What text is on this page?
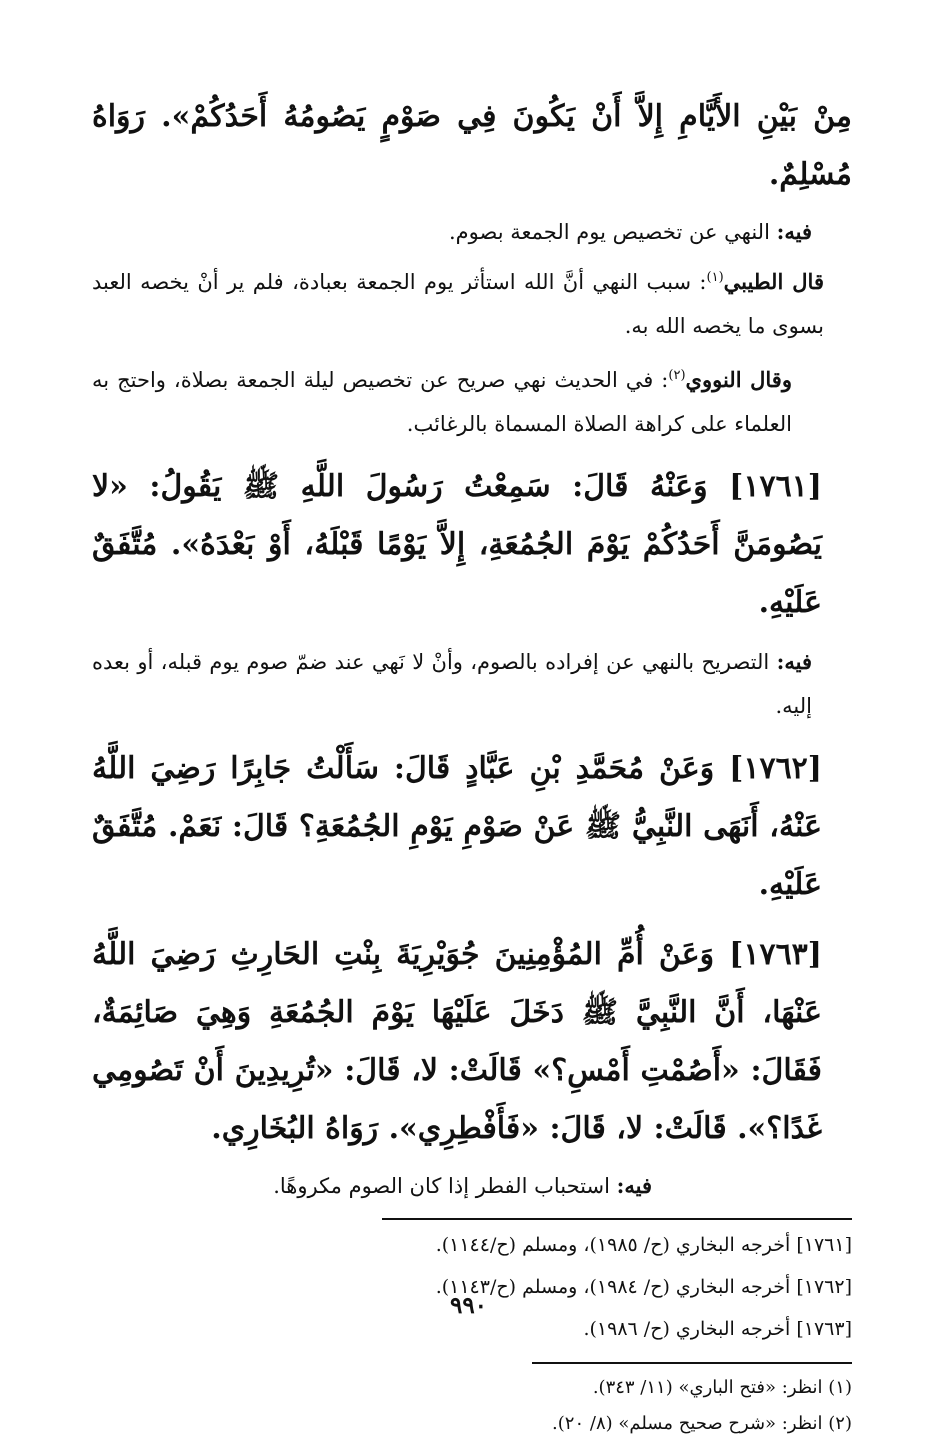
مِنْ بَيْنِ الأَيَّامِ إِلاَّ أَنْ يَكُونَ فِي صَوْمٍ يَصُومُهُ أَحَدُكُمْ». رَوَاهُ مُسْلِمٌ.

فيه: النهي عن تخصيص يوم الجمعة بصوم.

قال الطيبي$^{(١)}$: سبب النهي أنَّ الله استأثر يوم الجمعة بعبادة، فلم ير أنْ يخصه العبد بسوى ما يخصه الله به.

وقال النووي$^{(٢)}$: في الحديث نهي صريح عن تخصيص ليلة الجمعة بصلاة، واحتج به العلماء على كراهة الصلاة المسماة بالرغائب.

[١٧٦١] وَعَنْهُ قَالَ: سَمِعْتُ رَسُولَ اللَّهِ ﷺ يَقُولُ: «لا يَصُومَنَّ أَحَدُكُمْ يَوْمَ الجُمُعَةِ، إِلاَّ يَوْمًا قَبْلَهُ، أَوْ بَعْدَهُ». مُتَّفَقٌ عَلَيْهِ.

فيه: التصريح بالنهي عن إفراده بالصوم، وأنْ لا نَهي عند ضمّ صوم يوم قبله، أو بعده إليه.

[١٧٦٢] وَعَنْ مُحَمَّدِ بْنِ عَبَّادٍ قَالَ: سَأَلْتُ جَابِرًا رَضِيَ اللَّهُ عَنْهُ، أَنَهَى النَّبِيُّ ﷺ عَنْ صَوْمِ يَوْمِ الجُمُعَةِ؟ قَالَ: نَعَمْ. مُتَّفَقٌ عَلَيْهِ.

[١٧٦٣] وَعَنْ أُمِّ المُؤْمِنِينَ جُوَيْرِيَةَ بِنْتِ الحَارِثِ رَضِيَ اللَّهُ عَنْهَا، أَنَّ النَّبِيَّ ﷺ دَخَلَ عَلَيْهَا يَوْمَ الجُمُعَةِ وَهِيَ صَائِمَةٌ، فَقَالَ: «أَصُمْتِ أَمْسِ؟» قَالَتْ: لا، قَالَ: «تُرِيدِينَ أَنْ تَصُومِي غَدًا؟». قَالَتْ: لا، قَالَ: «فَأَفْطِرِي». رَوَاهُ البُخَارِي.

فيه: استحباب الفطر إذا كان الصوم مكروهًا.

[١٧٦١] أخرجه البخاري (ح/ ١٩٨٥)، ومسلم (ح/١١٤٤).

[١٧٦٢] أخرجه البخاري (ح/ ١٩٨٤)، ومسلم (ح/١١٤٣).

[١٧٦٣] أخرجه البخاري (ح/ ١٩٨٦).

(١) انظر: «فتح الباري» (١١/ ٣٤٣).

(٢) انظر: «شرح صحيح مسلم» (٨/ ٢٠).

٩٩٠
